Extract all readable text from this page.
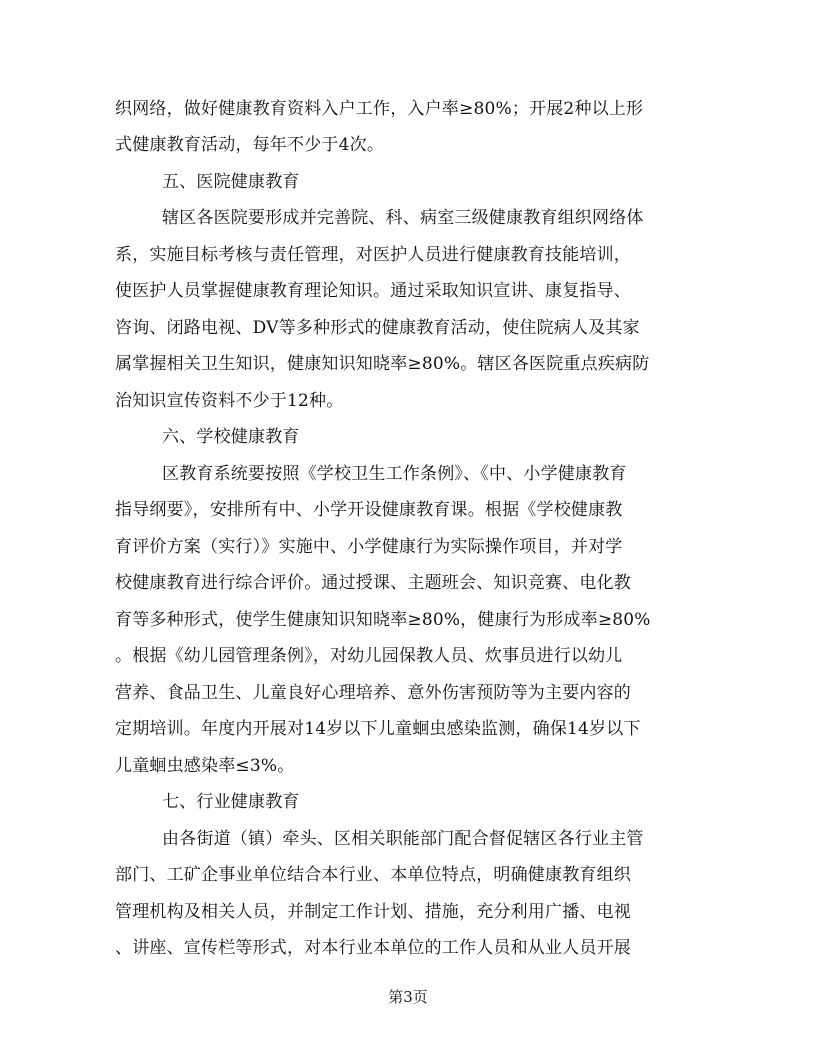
织网络，做好健康教育资料入户工作，入户率≥80%；开展2种以上形
式健康教育活动，每年不少于4次。
五、医院健康教育
辖区各医院要形成并完善院、科、病室三级健康教育组织网络体
系，实施目标考核与责任管理，对医护人员进行健康教育技能培训，
使医护人员掌握健康教育理论知识。通过采取知识宣讲、康复指导、
咨询、闭路电视、DV等多种形式的健康教育活动，使住院病人及其家
属掌握相关卫生知识，健康知识知晓率≥80%。辖区各医院重点疾病防
治知识宣传资料不少于12种。
六、学校健康教育
区教育系统要按照《学校卫生工作条例》、《中、小学健康教育
指导纲要》，安排所有中、小学开设健康教育课。根据《学校健康教
育评价方案（实行）》实施中、小学健康行为实际操作项目，并对学
校健康教育进行综合评价。通过授课、主题班会、知识竞赛、电化教
育等多种形式，使学生健康知识知晓率≥80%，健康行为形成率≥80%
。根据《幼儿园管理条例》，对幼儿园保教人员、炊事员进行以幼儿
营养、食品卫生、儿童良好心理培养、意外伤害预防等为主要内容的
定期培训。年度内开展对14岁以下儿童蛔虫感染监测，确保14岁以下
儿童蛔虫感染率≤3%。
七、行业健康教育
由各街道（镇）牵头、区相关职能部门配合督促辖区各行业主管
部门、工矿企事业单位结合本行业、本单位特点，明确健康教育组织
管理机构及相关人员，并制定工作计划、措施，充分利用广播、电视
、讲座、宣传栏等形式，对本行业本单位的工作人员和从业人员开展
第3页
